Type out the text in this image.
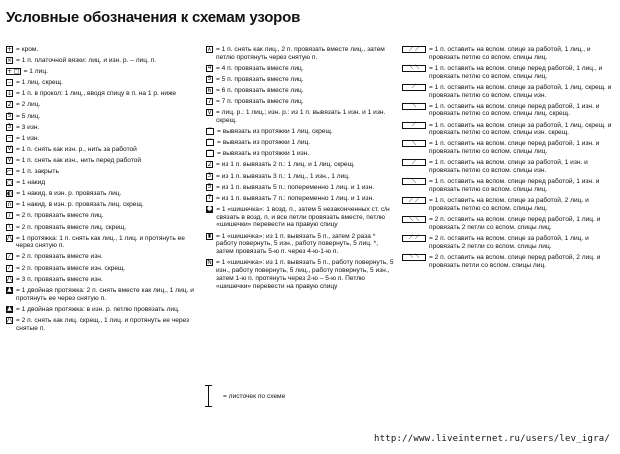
Условные обозначения к схемам узоров
+ = кром.
× = 1 п. платочной вязки: лиц. и изн. р. – лиц. п.
+ □ = 1 лиц.
– = 1 лиц. скрещ.
↓ = 1 п. в прокол: 1 лиц., вводя спицу в п. на 1 р. ниже
2 = 2 лиц.
5 = 5 лиц.
3 = 3 изн.
– = 1 изн.
V = 1 п. снять как изн. р., нить за работой
Ṿ = 1 п. снять как изн., нить перед работой
⌐ = 1 п. закрыть
○ = 1 накид
◐ = 1 накид, в изн. р. провязать лиц.
∩ = 1 накид, в изн. р. провязать лиц. скрещ.
/ = 2 п. провязать вместе лиц.
\ = 2 п. провязать вместе лиц. скрещ.
⋀ = 1 протяжка: 1 п. снять как лиц., 1 лиц. и протянуть ее через снятую п.
⁄ = 2 п. провязать вместе изн.
⁄ = 2 п. провязать вместе изн. скрещ.
⋀ = 3 п. провязать вместе изн.
▲ = 1 двойная протяжка: 2 п. снять вместе как лиц., 1 лиц. и протянуть ее через снятую п.
▲ = 1 двойная протяжка: в изн. р. петлю провязать лиц.
⋀ = 2 п. снять как лиц. скрещ., 1 лиц. и протянуть ее через снятые п.
⊼ = 1 п. снять как лиц., 2 п. провязать вместе лиц., затем петлю протянуть через снятую п.
4 = 4 п. провязать вместе лиц.
5 = 5 п. провязать вместе лиц.
6 = 6 п. провязать вместе лиц.
7 = 7 п. провязать вместе лиц.
V = лиц. р.: 1 лиц.; изн. р.: из 1 п. вывязать 1 изн. и 1 изн. скрещ.
⌒ = вывязать из протяжки 1 лиц. скрещ.
⌒ = вывязать из протяжки 1 лиц.
⌒ = вывязать из протяжки 1 изн.
2 = из 1 п. вывязать 2 п.: 1 лиц. и 1 лиц. скрещ.
3 = из 1 п. вывязать 3 п.: 1 лиц., 1 изн., 1 лиц.
5 = из 1 п. вывязать 5 п.: попеременно 1 лиц. и 1 изн.
7 = из 1 п. вывязать 7 п.: попеременно 1 лиц. и 1 изн.
● = 1 «шишечка»: 1 возд. п., затем 5 незаконченных ст. с/н связать в возд. п. и все петли провязать вместе, петлю «шишечки» перевести на правую спицу
▮ = 1 «шишечка»: из 1 п. вывязать 5 п., затем 2 раза * работу повернуть, 5 изн., работу повернуть, 5 лиц. *, затем провязать 5-ю п. через 4-ю-1-ю п.
N = 1 «шишечка»: из 1 п. вывязать 5 п., работу повернуть, 5 изн., работу повернуть, 5 лиц., работу повернуть, 5 изн., затем 1-ю п. протянуть через 2-ю – 5-ю п. Петлю «шишечки» перевести на правую спицу
= листочек по схеме
⟋ ⟋	= 1 п. оставить на вспом. спице за работой, 1 лиц., и провязать петлю со вспом. спицы лиц.
⟍ ⟍	= 1 п. оставить на вспом. спице перед работой, 1 лиц., и провязать петлю со вспом. спицы лиц.
⟋	= 1 п. оставить на вспом. спице за работой, 1 лиц. скрещ. и провязать петлю со вспом. спицы изн.
⟍	= 1 п. оставить на вспом. спице перед работой, 1 изн. и провязать петлю со вспом. спицы лиц. скрещ.
⟋	= 1 п. оставить на вспом. спице за работой, 1 лиц. скрещ. и провязать петлю со вспом. спицы изн. скрещ.
⟍	= 1 п. оставить на вспом. спице перед работой, 1 изн. и провязать петлю со вспом. спицы лиц.
⟋	= 1 п. оставить на вспом. спице за работой, 1 изн. и провязать петлю со вспом. спицы изн.
⟍	= 1 п. оставить на вспом. спице перед работой, 1 изн. и провязать петлю со вспом. спицы лиц.
⟋ ⟋	= 1 п. оставить на вспом. спице за работой, 2 лиц. и провязать петлю со вспом. спицы лиц.
⟍ ⟍	= 2 п. оставить на вспом. спице перед работой, 1 лиц. и провязать 2 петли со вспом. спицы лиц.
⟋ ⟋	= 2 п. оставить на вспом. спице за работой, 1 лиц. и провязать 2 петли со вспом. спицы лиц.
⟍ ⟍	= 2 п. оставить на вспом. спице перед работой, 2 лиц. и провязать петли со вспом. спицы лиц.
http://www.liveinternet.ru/users/lev_igra/
